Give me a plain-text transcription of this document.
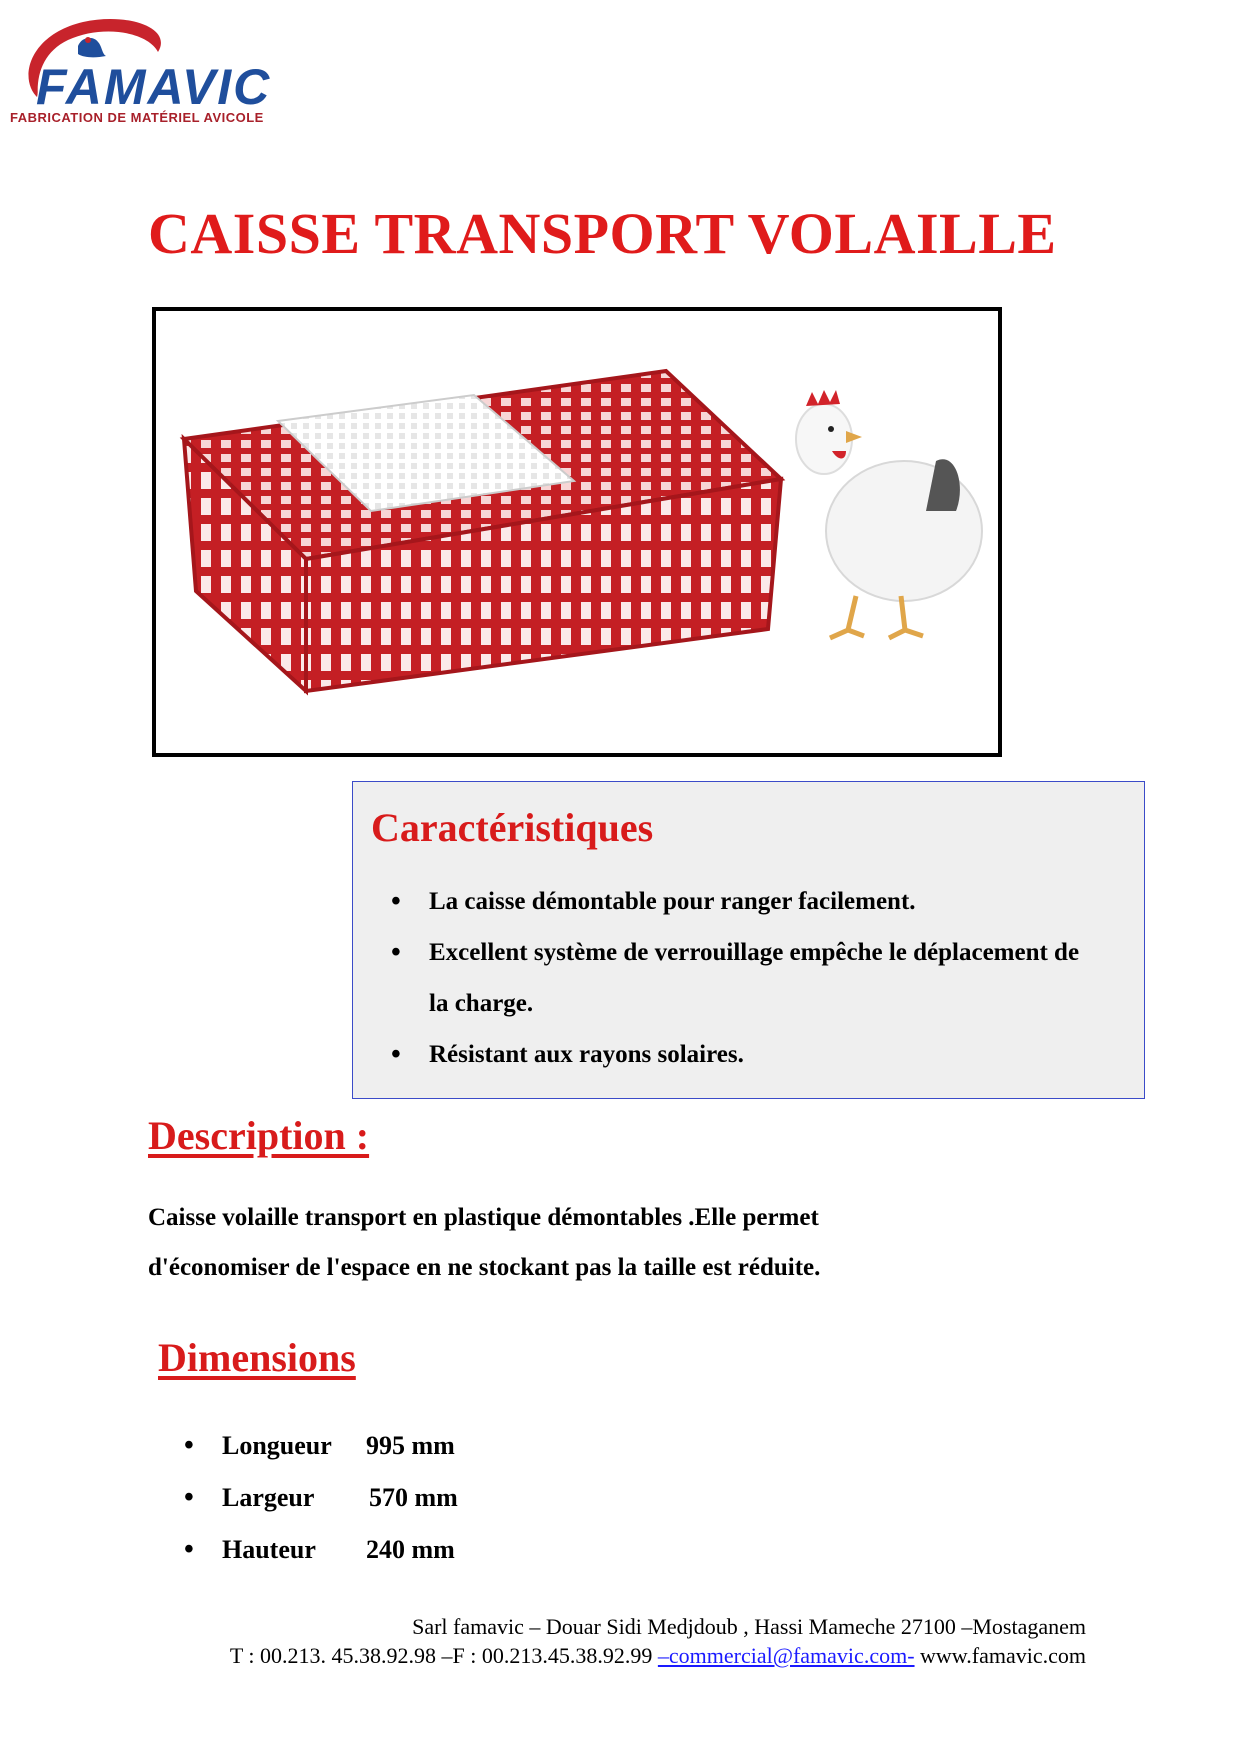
FAMAVIC
FABRICATION DE MATÉRIEL AVICOLE
CAISSE TRANSPORT VOLAILLE
Caractéristiques
• La caisse démontable pour ranger facilement.
• Excellent système de verrouillage empêche le déplacement de la charge.
• Résistant aux rayons solaires.
Description :

Caisse volaille transport en plastique démontables .Elle permet
d'économiser de l'espace en ne stockant pas la taille est réduite.

Dimensions
Longueur 995 mm
Largeur 570 mm
Hauteur 240 mm
Sarl famavic – Douar Sidi Medjdoub , Hassi Mameche 27100 –Mostaganem
T : 00.213. 45.38.92.98 –F : 00.213.45.38.92.99 –commercial@famavic.com- www.famavic.com
